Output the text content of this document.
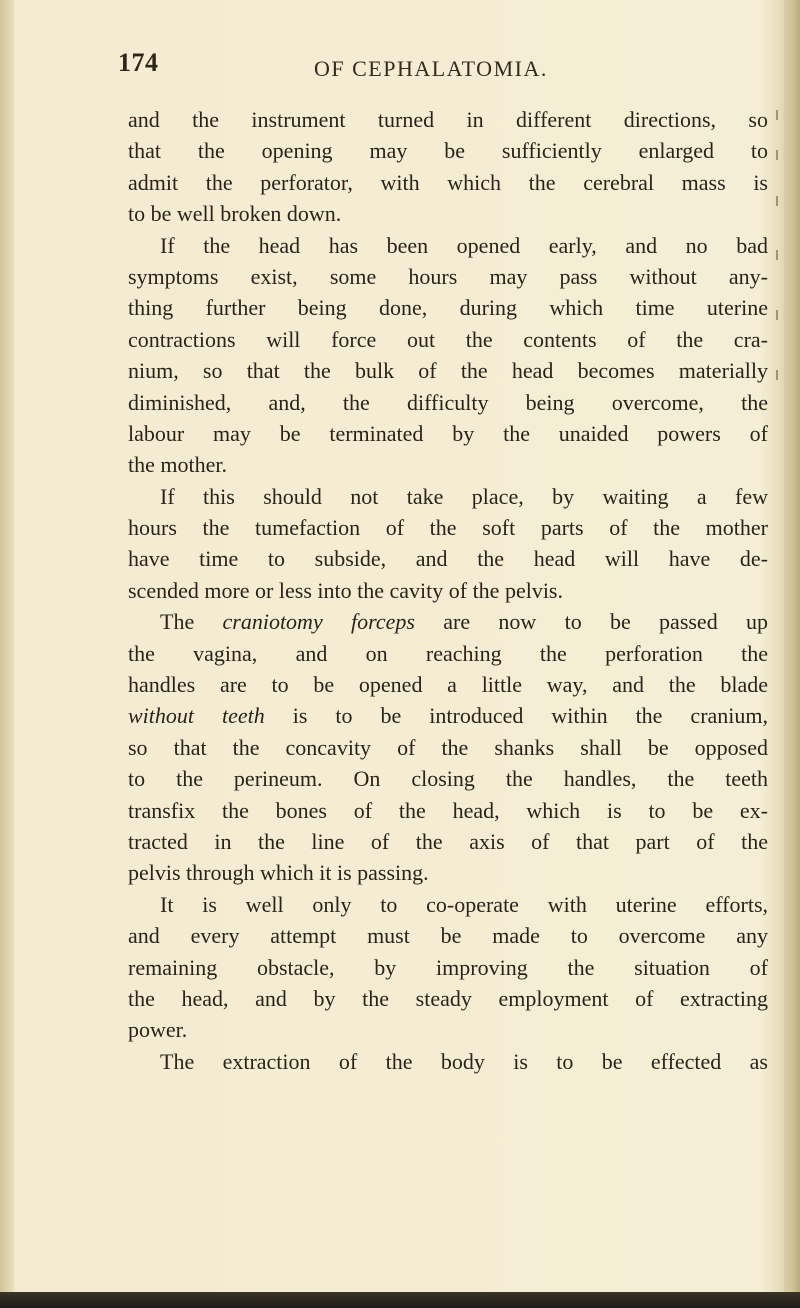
174	OF CEPHALATOMIA.
and the instrument turned in different directions, so
that the opening may be sufficiently enlarged to
admit the perforator, with which the cerebral mass is
to be well broken down.
If the head has been opened early, and no bad
symptoms exist, some hours may pass without any-
thing further being done, during which time uterine
contractions will force out the contents of the cra-
nium, so that the bulk of the head becomes materially
diminished, and, the difficulty being overcome, the
labour may be terminated by the unaided powers of
the mother.
If this should not take place, by waiting a few
hours the tumefaction of the soft parts of the mother
have time to subside, and the head will have de-
scended more or less into the cavity of the pelvis.
The craniotomy forceps are now to be passed up
the vagina, and on reaching the perforation the
handles are to be opened a little way, and the blade
without teeth is to be introduced within the cranium,
so that the concavity of the shanks shall be opposed
to the perineum. On closing the handles, the teeth
transfix the bones of the head, which is to be ex-
tracted in the line of the axis of that part of the
pelvis through which it is passing.
It is well only to co-operate with uterine efforts,
and every attempt must be made to overcome any
remaining obstacle, by improving the situation of
the head, and by the steady employment of extracting
power.
The extraction of the body is to be effected as
